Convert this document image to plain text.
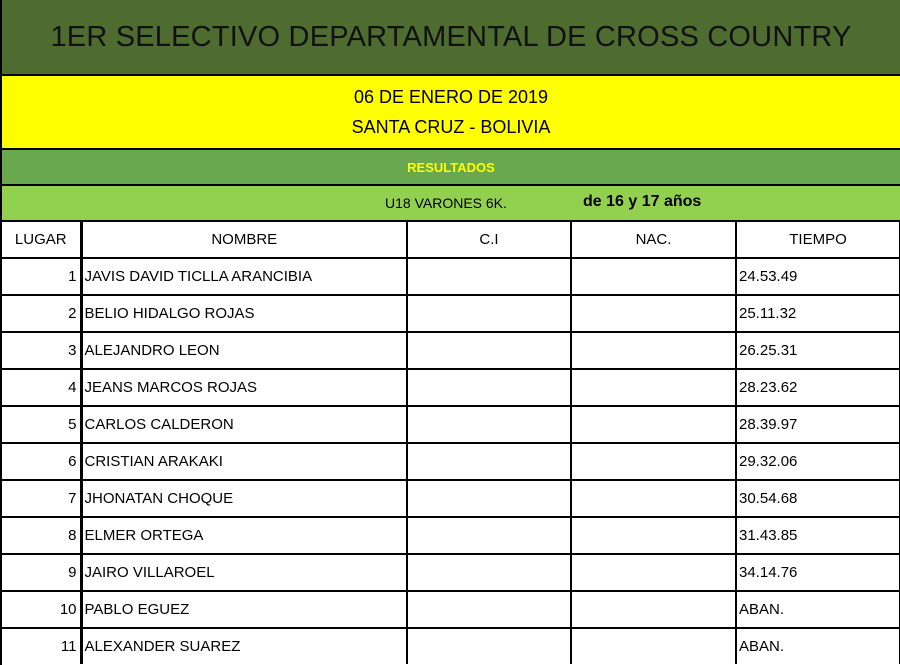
1ER SELECTIVO DEPARTAMENTAL DE CROSS COUNTRY
06 DE ENERO DE 2019
SANTA CRUZ - BOLIVIA
RESULTADOS
U18 VARONES 6K.	de 16 y 17 años
LUGAR	NOMBRE	C.I	NAC.	TIEMPO
1	JAVIS DAVID TICLLA ARANCIBIA			24.53.49
2	BELIO HIDALGO ROJAS			25.11.32
3	ALEJANDRO LEON			26.25.31
4	JEANS MARCOS ROJAS			28.23.62
5	CARLOS CALDERON			28.39.97
6	CRISTIAN ARAKAKI			29.32.06
7	JHONATAN CHOQUE			30.54.68
8	ELMER ORTEGA			31.43.85
9	JAIRO VILLAROEL			34.14.76
10	PABLO EGUEZ			ABAN.
11	ALEXANDER SUAREZ			ABAN.
